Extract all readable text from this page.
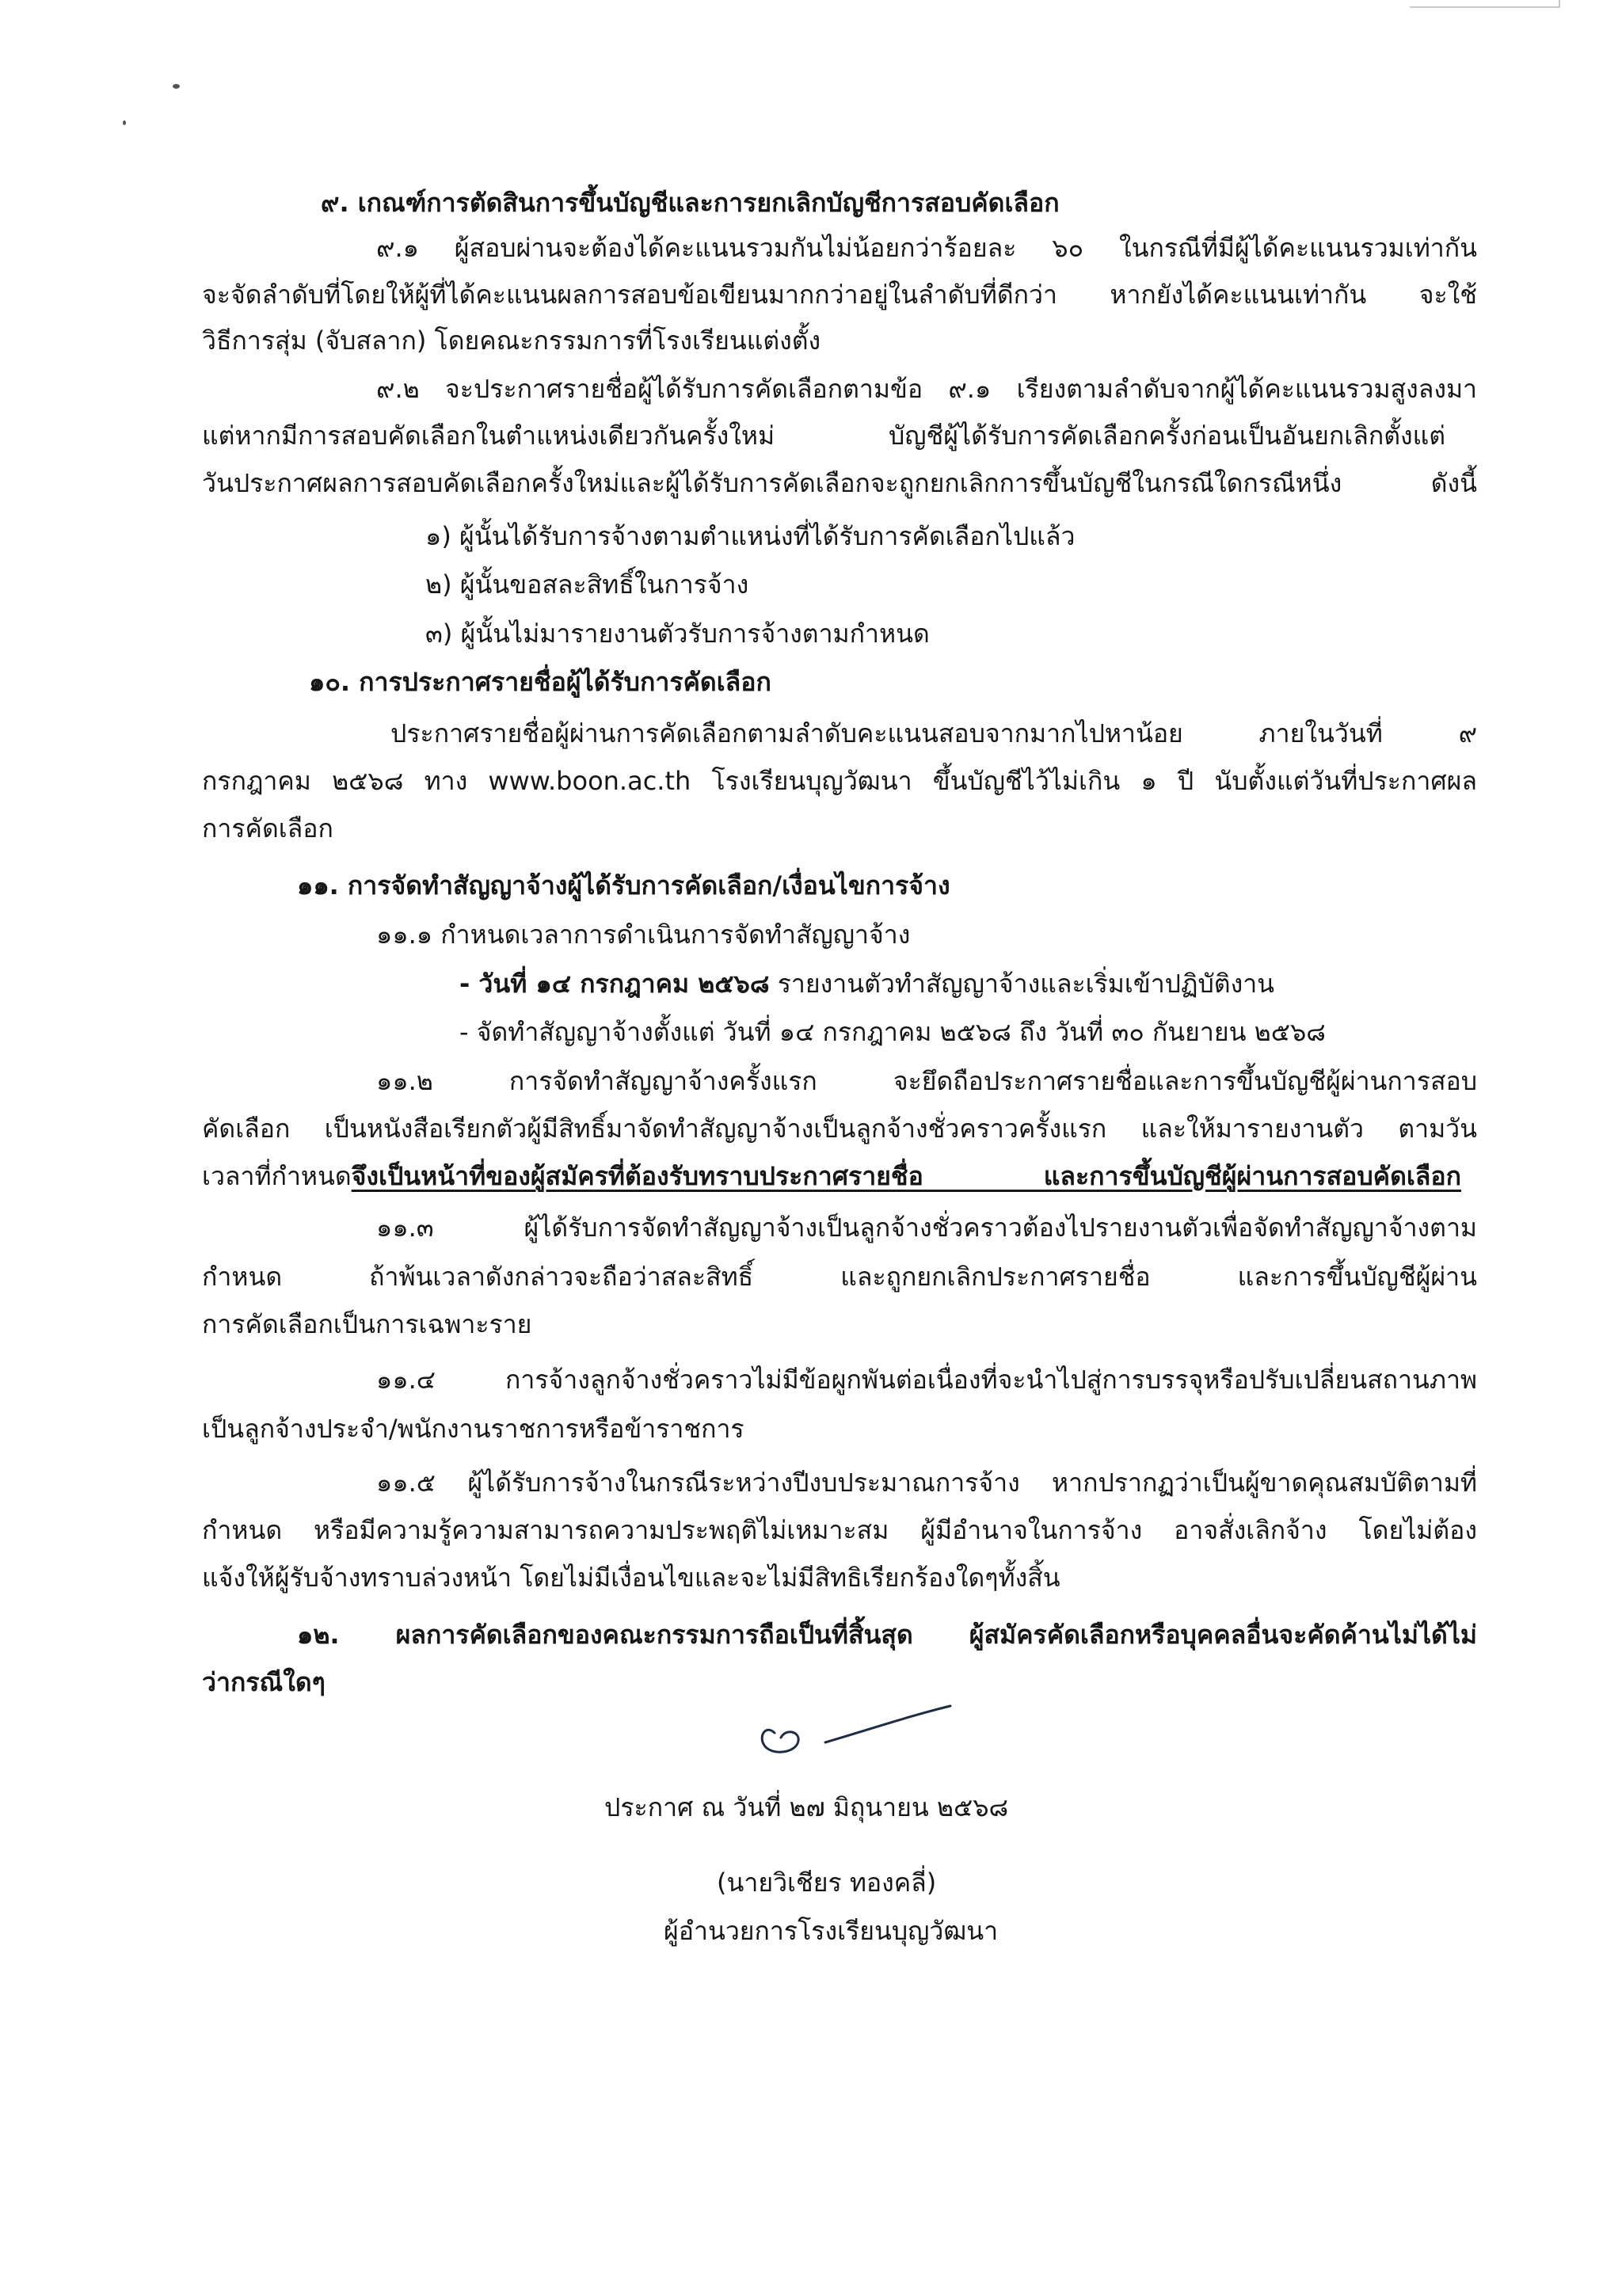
๙. เกณฑ์การตัดสินการขึ้นบัญชีและการยกเลิกบัญชีการสอบคัดเลือก
๙.๑ ผู้สอบผ่านจะต้องได้คะแนนรวมกันไม่น้อยกว่าร้อยละ ๖๐ ในกรณีที่มีผู้ได้คะแนนรวมเท่ากัน
จะจัดลำดับที่โดยให้ผู้ที่ได้คะแนนผลการสอบข้อเขียนมากกว่าอยู่ในลำดับที่ดีกว่า หากยังได้คะแนนเท่ากัน จะใช้
วิธีการสุ่ม (จับสลาก) โดยคณะกรรมการที่โรงเรียนแต่งตั้ง
๙.๒ จะประกาศรายชื่อผู้ได้รับการคัดเลือกตามข้อ ๙.๑ เรียงตามลำดับจากผู้ได้คะแนนรวมสูงลงมา
แต่หากมีการสอบคัดเลือกในตำแหน่งเดียวกันครั้งใหม่ บัญชีผู้ได้รับการคัดเลือกครั้งก่อนเป็นอันยกเลิกตั้งแต่
วันประกาศผลการสอบคัดเลือกครั้งใหม่และผู้ได้รับการคัดเลือกจะถูกยกเลิกการขึ้นบัญชีในกรณีใดกรณีหนึ่ง ดังนี้
๑) ผู้นั้นได้รับการจ้างตามตำแหน่งที่ได้รับการคัดเลือกไปแล้ว
๒) ผู้นั้นขอสละสิทธิ์ในการจ้าง
๓) ผู้นั้นไม่มารายงานตัวรับการจ้างตามกำหนด
๑๐. การประกาศรายชื่อผู้ได้รับการคัดเลือก
ประกาศรายชื่อผู้ผ่านการคัดเลือกตามลำดับคะแนนสอบจากมากไปหาน้อย ภายในวันที่ ๙
กรกฎาคม ๒๕๖๘ ทาง www.boon.ac.th โรงเรียนบุญวัฒนา ขึ้นบัญชีไว้ไม่เกิน ๑ ปี นับตั้งแต่วันที่ประกาศผล
การคัดเลือก
๑๑. การจัดทำสัญญาจ้างผู้ได้รับการคัดเลือก/เงื่อนไขการจ้าง
๑๑.๑ กำหนดเวลาการดำเนินการจัดทำสัญญาจ้าง
- วันที่ ๑๔ กรกฎาคม ๒๕๖๘ รายงานตัวทำสัญญาจ้างและเริ่มเข้าปฏิบัติงาน
- จัดทำสัญญาจ้างตั้งแต่ วันที่ ๑๔ กรกฎาคม ๒๕๖๘ ถึง วันที่ ๓๐ กันยายน ๒๕๖๘
๑๑.๒ การจัดทำสัญญาจ้างครั้งแรก จะยึดถือประกาศรายชื่อและการขึ้นบัญชีผู้ผ่านการสอบ
คัดเลือก เป็นหนังสือเรียกตัวผู้มีสิทธิ์มาจัดทำสัญญาจ้างเป็นลูกจ้างชั่วคราวครั้งแรก และให้มารายงานตัว ตามวัน
เวลาที่กำหนดจึงเป็นหน้าที่ของผู้สมัครที่ต้องรับทราบประกาศรายชื่อ และการขึ้นบัญชีผู้ผ่านการสอบคัดเลือก
๑๑.๓ ผู้ได้รับการจัดทำสัญญาจ้างเป็นลูกจ้างชั่วคราวต้องไปรายงานตัวเพื่อจัดทำสัญญาจ้างตาม
กำหนด ถ้าพ้นเวลาดังกล่าวจะถือว่าสละสิทธิ์ และถูกยกเลิกประกาศรายชื่อ และการขึ้นบัญชีผู้ผ่าน
การคัดเลือกเป็นการเฉพาะราย
๑๑.๔ การจ้างลูกจ้างชั่วคราวไม่มีข้อผูกพันต่อเนื่องที่จะนำไปสู่การบรรจุหรือปรับเปลี่ยนสถานภาพ
เป็นลูกจ้างประจำ/พนักงานราชการหรือข้าราชการ
๑๑.๕ ผู้ได้รับการจ้างในกรณีระหว่างปีงบประมาณการจ้าง หากปรากฏว่าเป็นผู้ขาดคุณสมบัติตามที่
กำหนด หรือมีความรู้ความสามารถความประพฤติไม่เหมาะสม ผู้มีอำนาจในการจ้าง อาจสั่งเลิกจ้าง โดยไม่ต้อง
แจ้งให้ผู้รับจ้างทราบล่วงหน้า โดยไม่มีเงื่อนไขและจะไม่มีสิทธิเรียกร้องใดๆทั้งสิ้น
๑๒. ผลการคัดเลือกของคณะกรรมการถือเป็นที่สิ้นสุด ผู้สมัครคัดเลือกหรือบุคคลอื่นจะคัดค้านไม่ได้ไม่
ว่ากรณีใดๆ
ประกาศ ณ วันที่ ๒๗ มิถุนายน ๒๕๖๘
(นายวิเชียร ทองคลี่)
ผู้อำนวยการโรงเรียนบุญวัฒนา
